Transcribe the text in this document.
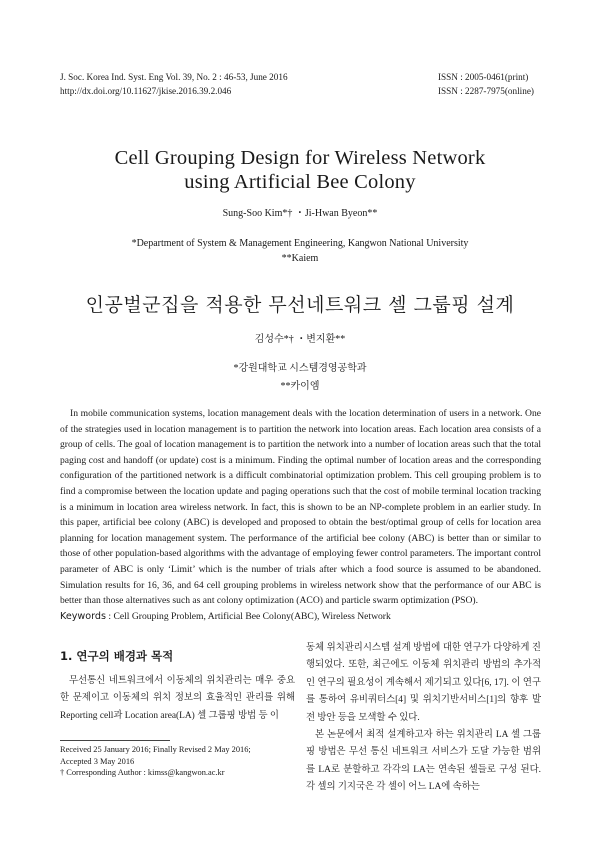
J. Soc. Korea Ind. Syst. Eng Vol. 39, No. 2 : 46-53, June 2016
http://dx.doi.org/10.11627/jkise.2016.39.2.046
ISSN : 2005-0461(print)
ISSN : 2287-7975(online)
Cell Grouping Design for Wireless Network
using Artificial Bee Colony
Sung-Soo Kim*† ・Ji-Hwan Byeon**
*Department of System & Management Engineering, Kangwon National University
**Kaiem
인공벌군집을 적용한 무선네트워크 셀 그룹핑 설계
김성수*† ・변지환**
*강원대학교 시스템경영공학과
**카이엠

In mobile communication systems, location management deals with the location determination of users in a network. One of the strategies used in location management is to partition the network into location areas. Each location area consists of a group of cells. The goal of location management is to partition the network into a number of location areas such that the total paging cost and handoff (or update) cost is a minimum. Finding the optimal number of location areas and the corresponding configuration of the partitioned network is a difficult combinatorial optimization problem. This cell grouping problem is to find a compromise between the location update and paging operations such that the cost of mobile terminal location tracking is a minimum in location area wireless network. In fact, this is shown to be an NP-complete problem in an earlier study. In this paper, artificial bee colony (ABC) is developed and proposed to obtain the best/optimal group of cells for location area planning for location management system. The performance of the artificial bee colony (ABC) is better than or similar to those of other population-based algorithms with the advantage of employing fewer control parameters. The important control parameter of ABC is only ‘Limit’ which is the number of trials after which a food source is assumed to be abandoned. Simulation results for 16, 36, and 64 cell grouping problems in wireless network show that the performance of our ABC is better than those alternatives such as ant colony optimization (ACO) and particle swarm optimization (PSO).

Keywords : Cell Grouping Problem, Artificial Bee Colony(ABC), Wireless Network
1. 연구의 배경과 목적

무선통신 네트워크에서 이동체의 위치관리는 매우 중요한 문제이고 이동체의 위치 정보의 효율적인 관리를 위해 Reporting cell과 Location area(LA) 셀 그룹핑 방법 등 이

Received 25 January 2016; Finally Revised 2 May 2016;
Accepted 3 May 2016
† Corresponding Author : kimss@kangwon.ac.kr

동체 위치관리시스템 설계 방법에 대한 연구가 다양하게 진행되었다. 또한, 최근에도 이동체 위치관리 방법의 추가적인 연구의 필요성이 계속해서 제기되고 있다[6, 17]. 이 연구를 통하여 유비쿼터스[4] 및 위치기반서비스[1]의 향후 발전 방안 등을 모색할 수 있다.

본 논문에서 최적 설계하고자 하는 위치관리 LA 셀 그룹핑 방법은 무선 통신 네트워크 서비스가 도달 가능한 범위를 LA로 분할하고 각각의 LA는 연속된 셀들로 구성 된다. 각 셀의 기지국은 각 셀이 어느 LA에 속하는
